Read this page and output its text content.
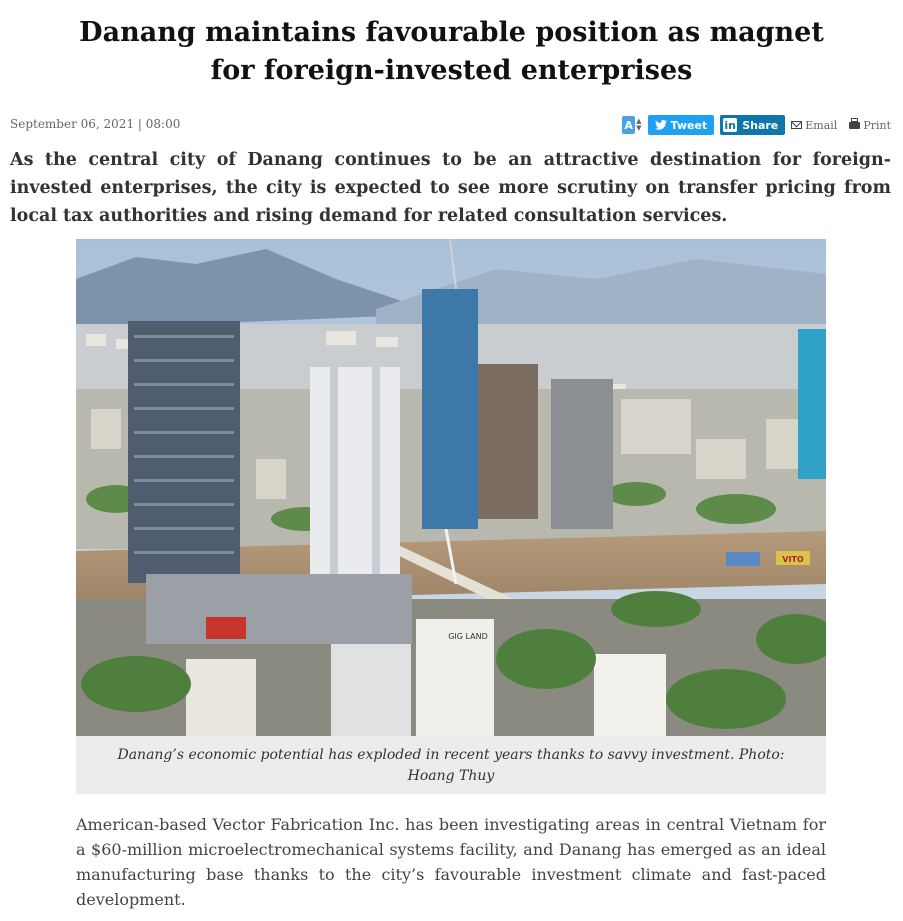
Danang maintains favourable position as magnet for foreign-invested enterprises
September 06, 2021 | 08:00	A ▲
▼	Tweet in Share Email Print
As the central city of Danang continues to be an attractive destination for foreign-invested enterprises, the city is expected to see more scrutiny on transfer pricing from local tax authorities and rising demand for related consultation services.
VITO
GIG LAND
Danang’s economic potential has exploded in recent years thanks to savvy investment. Photo: Hoang Thuy
American-based Vector Fabrication Inc. has been investigating areas in central Vietnam for a $60-million microelectromechanical systems facility, and Danang has emerged as an ideal manufacturing base thanks to the city’s favourable investment climate and fast-paced development.
